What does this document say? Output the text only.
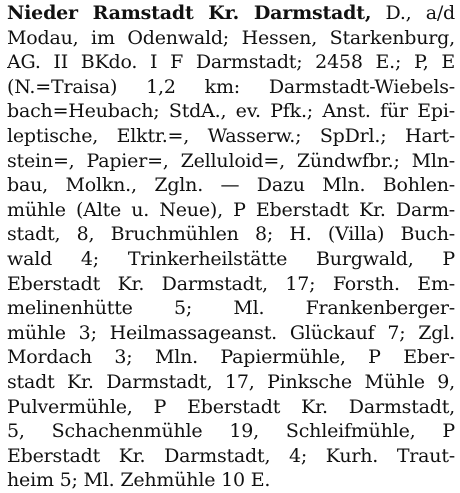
Nieder Ramstadt Kr. Darmstadt, D., a/d
Modau, im Odenwald; Hessen, Starkenburg,
AG. II BKdo. I F Darmstadt; 2458 E.; P, E
(N.=Traisa) 1,2 km: Darmstadt-Wiebels-
bach=Heubach; StdA., ev. Pfk.; Anst. für Epi-
leptische, Elktr.=, Wasserw.; SpDrl.; Hart-
stein=, Papier=, Zelluloid=, Zündwfbr.; Mln-
bau, Molkn., Zgln. — Dazu Mln. Bohlen-
mühle (Alte u. Neue), P Eberstadt Kr. Darm-
stadt, 8, Bruchmühlen 8; H. (Villa) Buch-
wald 4; Trinkerheilstätte Burgwald, P
Eberstadt Kr. Darmstadt, 17; Forsth. Em-
melinenhütte 5; Ml. Frankenberger-
mühle 3; Heilmassageanst. Glückauf 7; Zgl.
Mordach 3; Mln. Papiermühle, P Eber-
stadt Kr. Darmstadt, 17, Pinksche Mühle 9,
Pulvermühle, P Eberstadt Kr. Darmstadt,
5, Schachenmühle 19, Schleifmühle, P
Eberstadt Kr. Darmstadt, 4; Kurh. Traut-
heim 5; Ml. Zehmühle 10 E.
